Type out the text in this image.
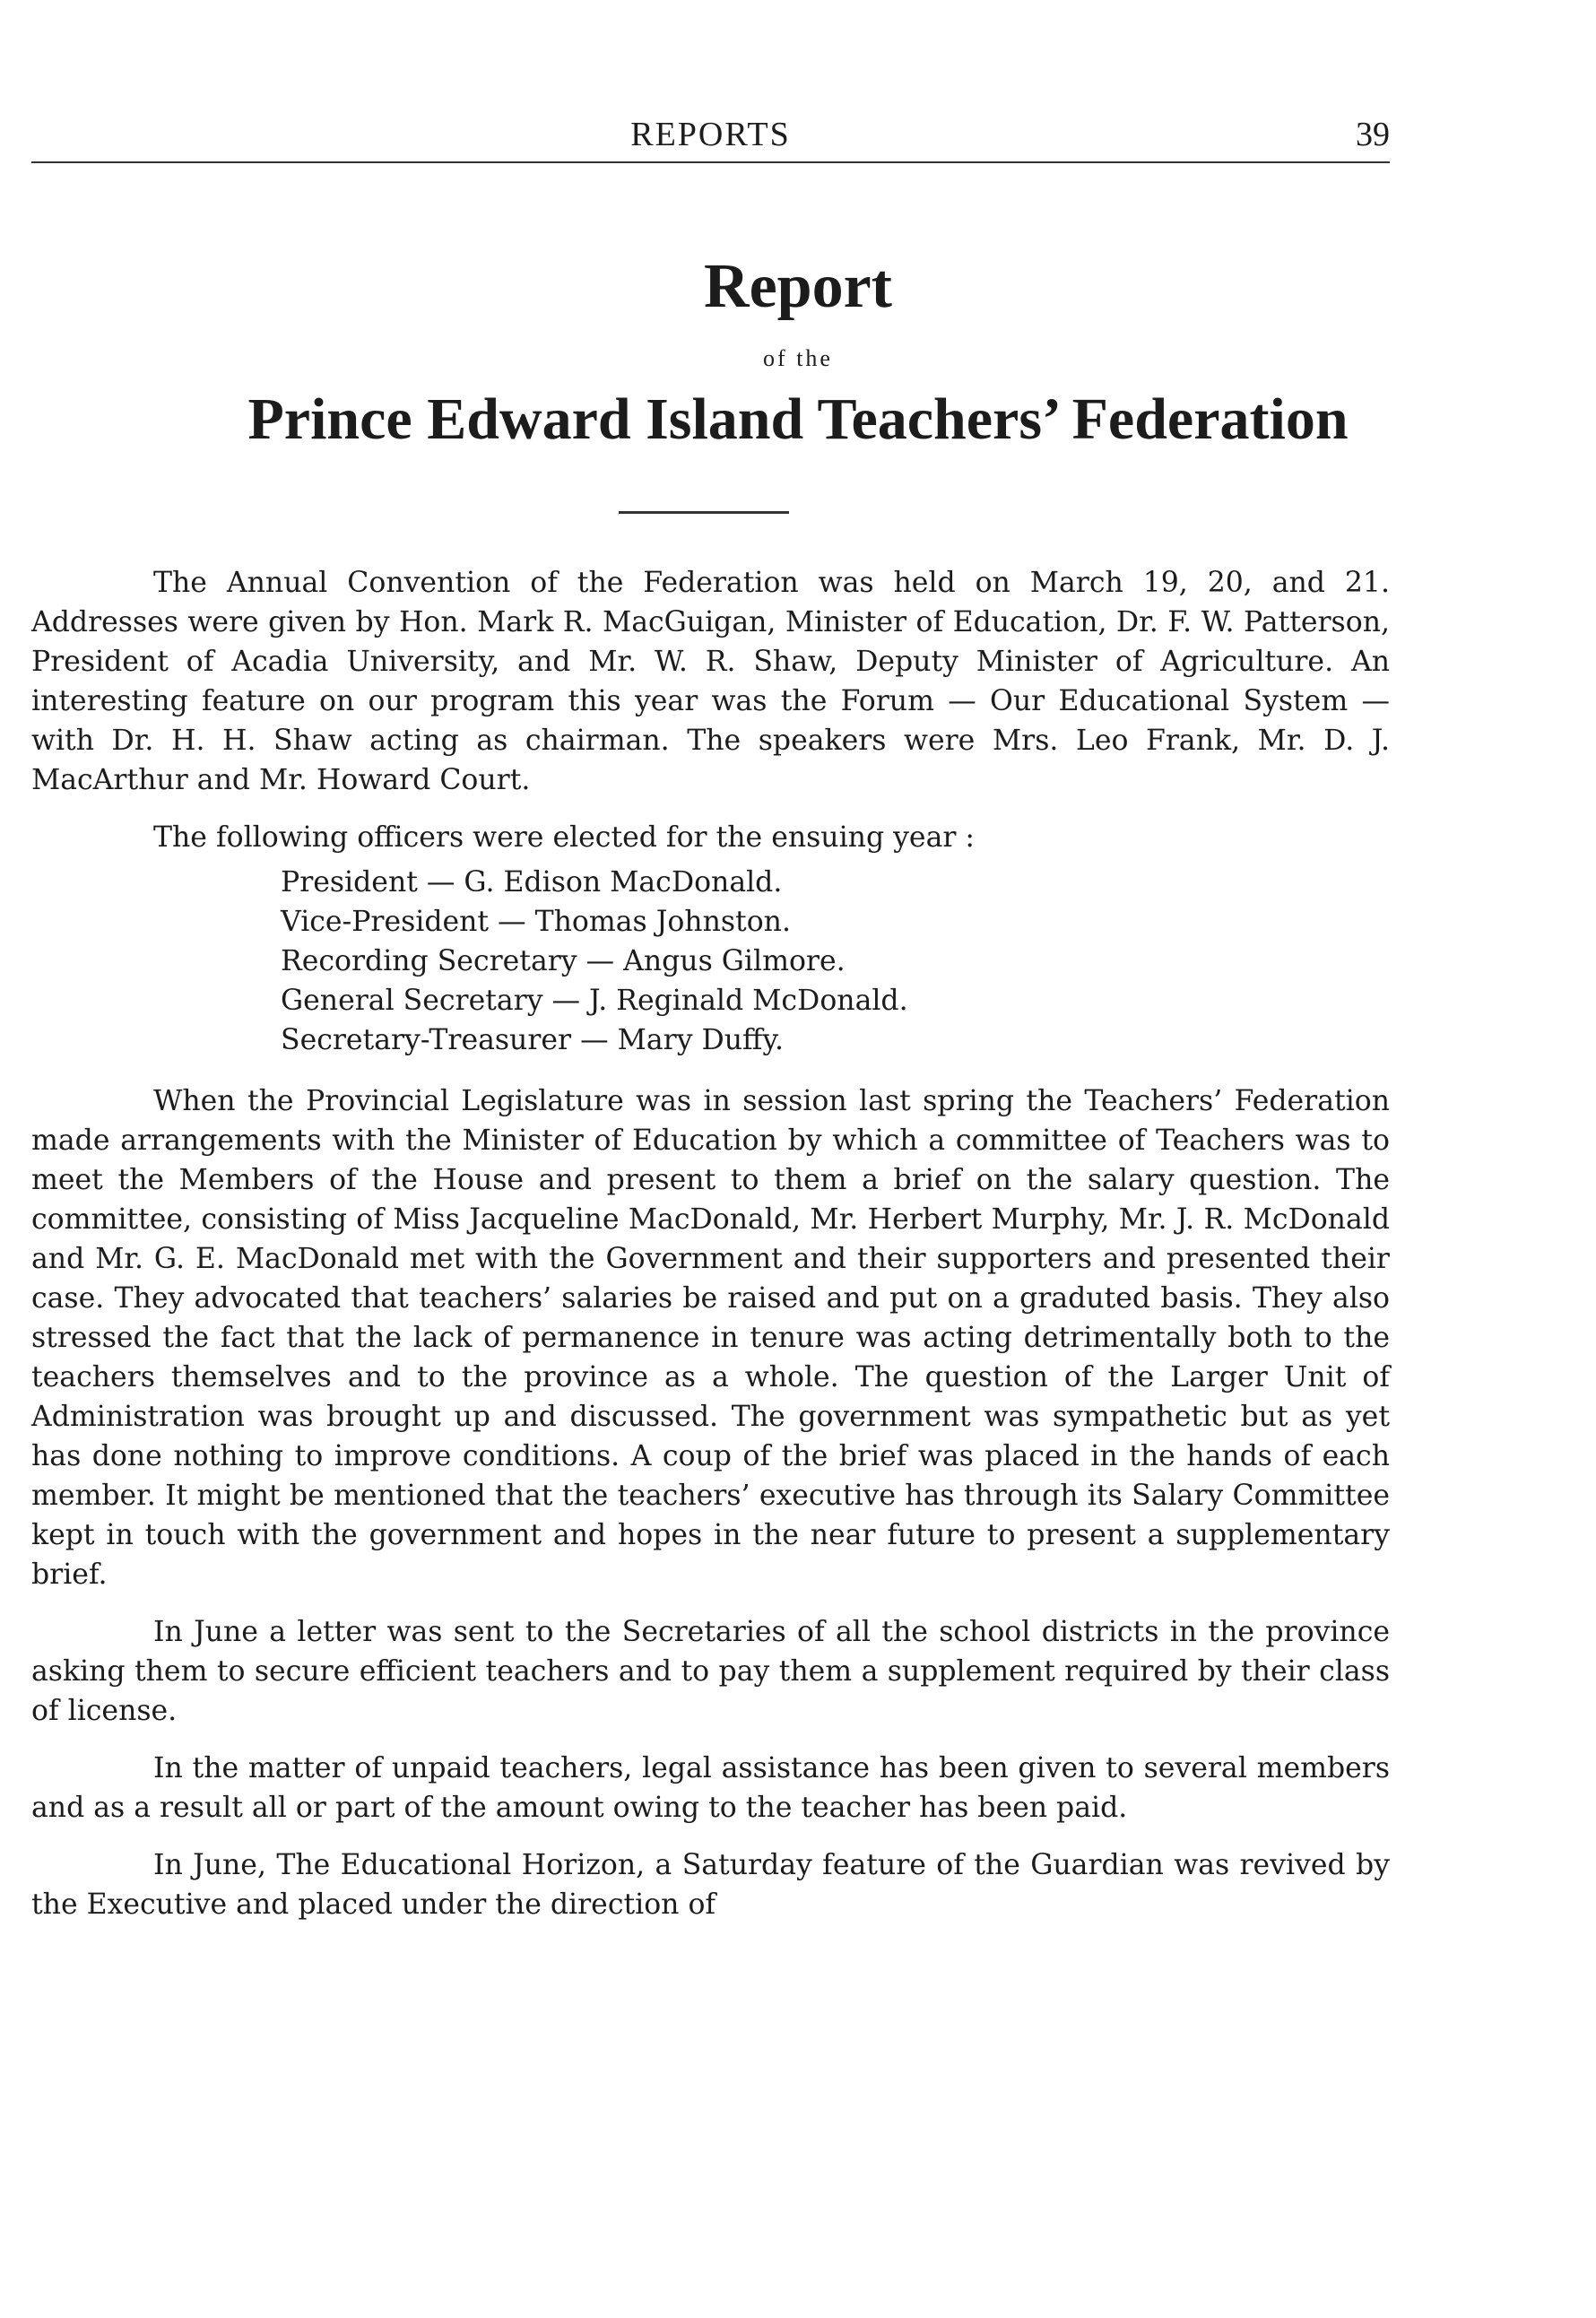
REPORTS	39
Report
of the
Prince Edward Island Teachers’ Federation

The Annual Convention of the Federation was held on March 19, 20, and 21. Addresses were given by Hon. Mark R. MacGuigan, Minister of Education, Dr. F. W. Patterson, President of Acadia University, and Mr. W. R. Shaw, Deputy Minister of Agriculture. An interesting feature on our program this year was the Forum — Our Educational System — with Dr. H. H. Shaw acting as chairman. The speakers were Mrs. Leo Frank, Mr. D. J. MacArthur and Mr. Howard Court.

The following officers were elected for the ensuing year :

President — G. Edison MacDonald.
Vice-President — Thomas Johnston.
Recording Secretary — Angus Gilmore.
General Secretary — J. Reginald McDonald.
Secretary-Treasurer — Mary Duffy.

When the Provincial Legislature was in session last spring the Teachers’ Federation made arrangements with the Minister of Education by which a committee of Teachers was to meet the Members of the House and present to them a brief on the salary question. The committee, consisting of Miss Jacqueline MacDonald, Mr. Herbert Murphy, Mr. J. R. McDonald and Mr. G. E. MacDonald met with the Government and their supporters and presented their case. They advocated that teachers’ salaries be raised and put on a graduted basis. They also stressed the fact that the lack of permanence in tenure was acting detrimentally both to the teachers themselves and to the province as a whole. The question of the Larger Unit of Administration was brought up and discussed. The government was sympathetic but as yet has done nothing to improve conditions. A coup of the brief was placed in the hands of each member. It might be mentioned that the teachers’ executive has through its Salary Committee kept in touch with the government and hopes in the near future to present a supplementary brief.

In June a letter was sent to the Secretaries of all the school districts in the province asking them to secure efficient teachers and to pay them a supplement required by their class of license.

In the matter of unpaid teachers, legal assistance has been given to several members and as a result all or part of the amount owing to the teacher has been paid.

In June, The Educational Horizon, a Saturday feature of the Guardian was revived by the Executive and placed under the direction of
